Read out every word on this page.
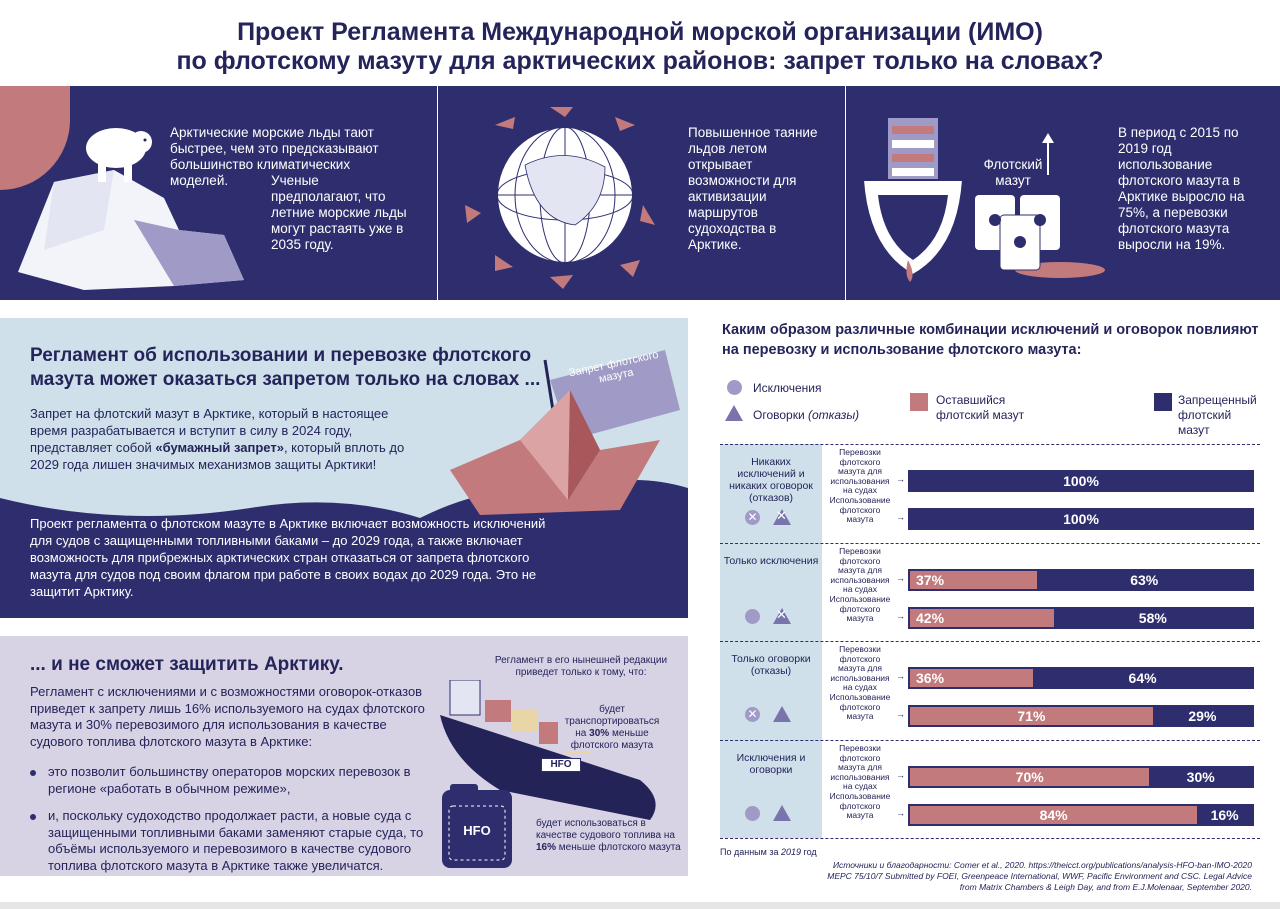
Проект Регламента Международной морской организации (ИМО)
по флотскому мазуту для арктических районов: запрет только на словах?
Арктические морские льды тают быстрее, чем это предсказывают большинство климатических моделей.	Ученые предполагают, что летние морские льды могут растаять уже в 2035 году.
Повышенное таяние льдов летом открывает возможности для активизации маршрутов судоходства в Арктике.
Флотский мазут
В период с 2015 по 2019 год использование флотского мазута в Арктике выросло на 75%, а перевозки флотского мазута выросли на 19%.
Регламент об использовании и перевозке флотского мазута может оказаться запретом только на словах ...
Запрет на флотский мазут в Арктике, который в настоящее время разрабатывается и вступит в силу в 2024 году, представляет собой «бумажный запрет», который вплоть до 2029 года лишен значимых механизмов защиты Арктики!
Проект регламента о флотском мазуте в Арктике включает возможность исключений для судов с защищенными топливными баками – до 2029 года, а также включает возможность для прибрежных арктических стран отказаться от запрета флотского мазута для судов под своим флагом при работе в своих водах до 2029 года. Это не защитит Арктику.
Запрет флотского мазута
... и не сможет защитить Арктику.
Регламент с исключениями и с возможностями оговорок-отказов приведет к запрету лишь 16% используемого на судах флотского мазута и 30% перевозимого для использования в качестве судового топлива флотского мазута в Арктике:
это позволит большинству операторов морских перевозок в регионе «работать в обычном режиме»,
и, поскольку судоходство продолжает расти, а новые суда с защищенными топливными баками заменяют старые суда, то объёмы используемого и перевозимого в качестве судового топлива флотского мазута в Арктике также увеличатся.
Регламент в его нынешней редакции приведет только к тому, что:
HFO
будет транспортироваться на 30% меньше флотского мазута
HFO	будет использоваться в качестве судового топлива на 16% меньше флотского мазута
Каким образом различные комбинации исключений и оговорок повлияют на перевозку и использование флотского мазута:
Исключения
Оговорки (отказы)
Оставшийся флотский мазут
Запрещенный флотский мазут
Никаких исключений и никаких оговорок (отказов)
✕ ✕
Перевозки флотского мазута для использования на судах
→	100%
Использование флотского мазута	→	100%
Только исключения
✕
Перевозки флотского мазута для использования на судах
→ 37%	63%
Использование флотского мазута	→ 42%	58%
Только оговорки (отказы)
✕
Перевозки флотского мазута для использования на судах
→ 36%	64%
Использование флотского мазута	→	71%	29%
Исключения и оговорки
Перевозки флотского мазута для использования на судах
→	70%	30%
Использование флотского мазута	→	84%	16%
По данным за 2019 год
Источники и благодарности: Comer et al., 2020. https://theicct.org/publications/analysis-HFO-ban-IMO-2020 MEPC 75/10/7 Submitted by FOEI, Greenpeace International, WWF, Pacific Environment and CSC. Legal Advice from Matrix Chambers & Leigh Day, and from E.J.Molenaar, September 2020.
